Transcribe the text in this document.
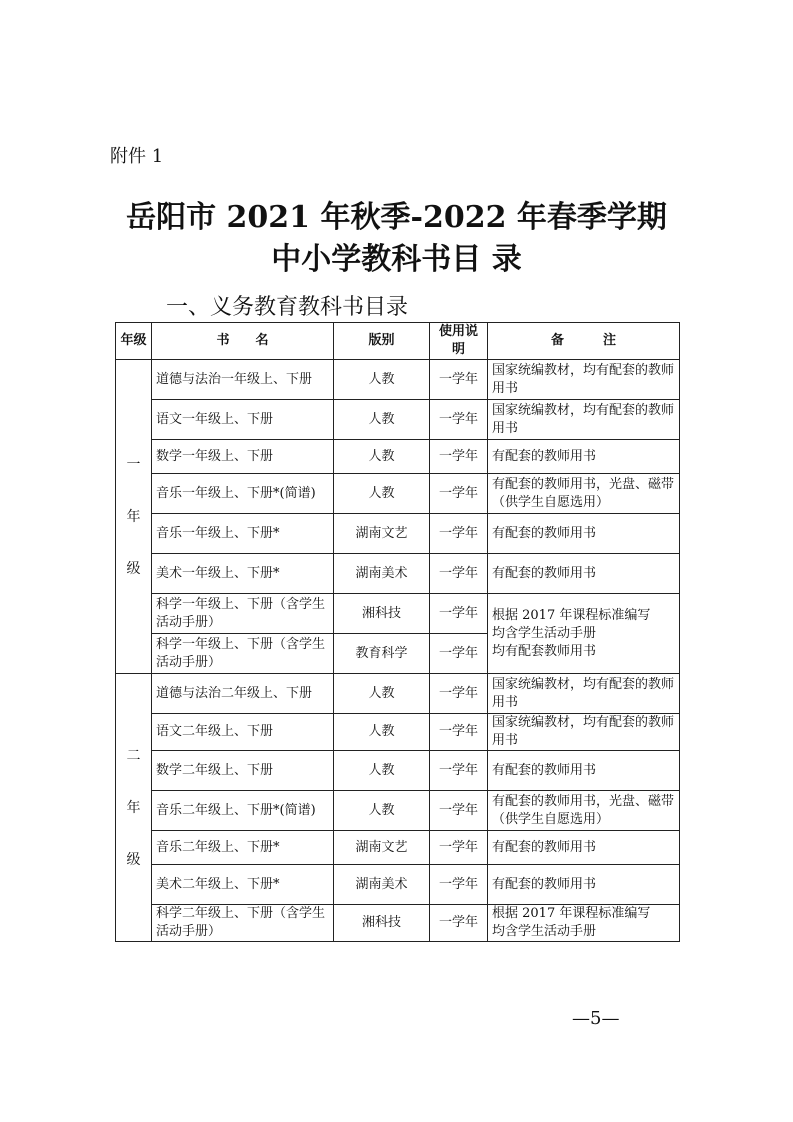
附件 1
岳阳市 2021 年秋季-2022 年春季学期
中小学教科书目 录
一、义务教育教科书目录
年级	书　　名	版别	使用说明	备　　　注

一
年
级	道德与法治一年级上、下册	人教	一学年	国家统编教材，均有配套的教师用书
	语文一年级上、下册	人教	一学年	国家统编教材，均有配套的教师用书
	数学一年级上、下册	人教	一学年	有配套的教师用书
	音乐一年级上、下册*(简谱)	人教	一学年	有配套的教师用书，光盘、磁带（供学生自愿选用）
	音乐一年级上、下册*	湖南文艺	一学年	有配套的教师用书
	美术一年级上、下册*	湖南美术	一学年	有配套的教师用书
	科学一年级上、下册（含学生活动手册）	湘科技	一学年	根据 2017 年课程标准编写
均含学生活动手册
均有配套教师用书

	科学一年级上、下册（含学生活动手册）	教育科学	一学年	

二
年
级	道德与法治二年级上、下册	人教	一学年	国家统编教材，均有配套的教师用书
	语文二年级上、下册	人教	一学年	国家统编教材，均有配套的教师用书
	数学二年级上、下册	人教	一学年	有配套的教师用书
	音乐二年级上、下册*(简谱)	人教	一学年	有配套的教师用书，光盘、磁带（供学生自愿选用）
	音乐二年级上、下册*	湖南文艺	一学年	有配套的教师用书
	美术二年级上、下册*	湖南美术	一学年	有配套的教师用书
	科学二年级上、下册（含学生活动手册）	湘科技	一学年	根据 2017 年课程标准编写
均含学生活动手册
—5—
